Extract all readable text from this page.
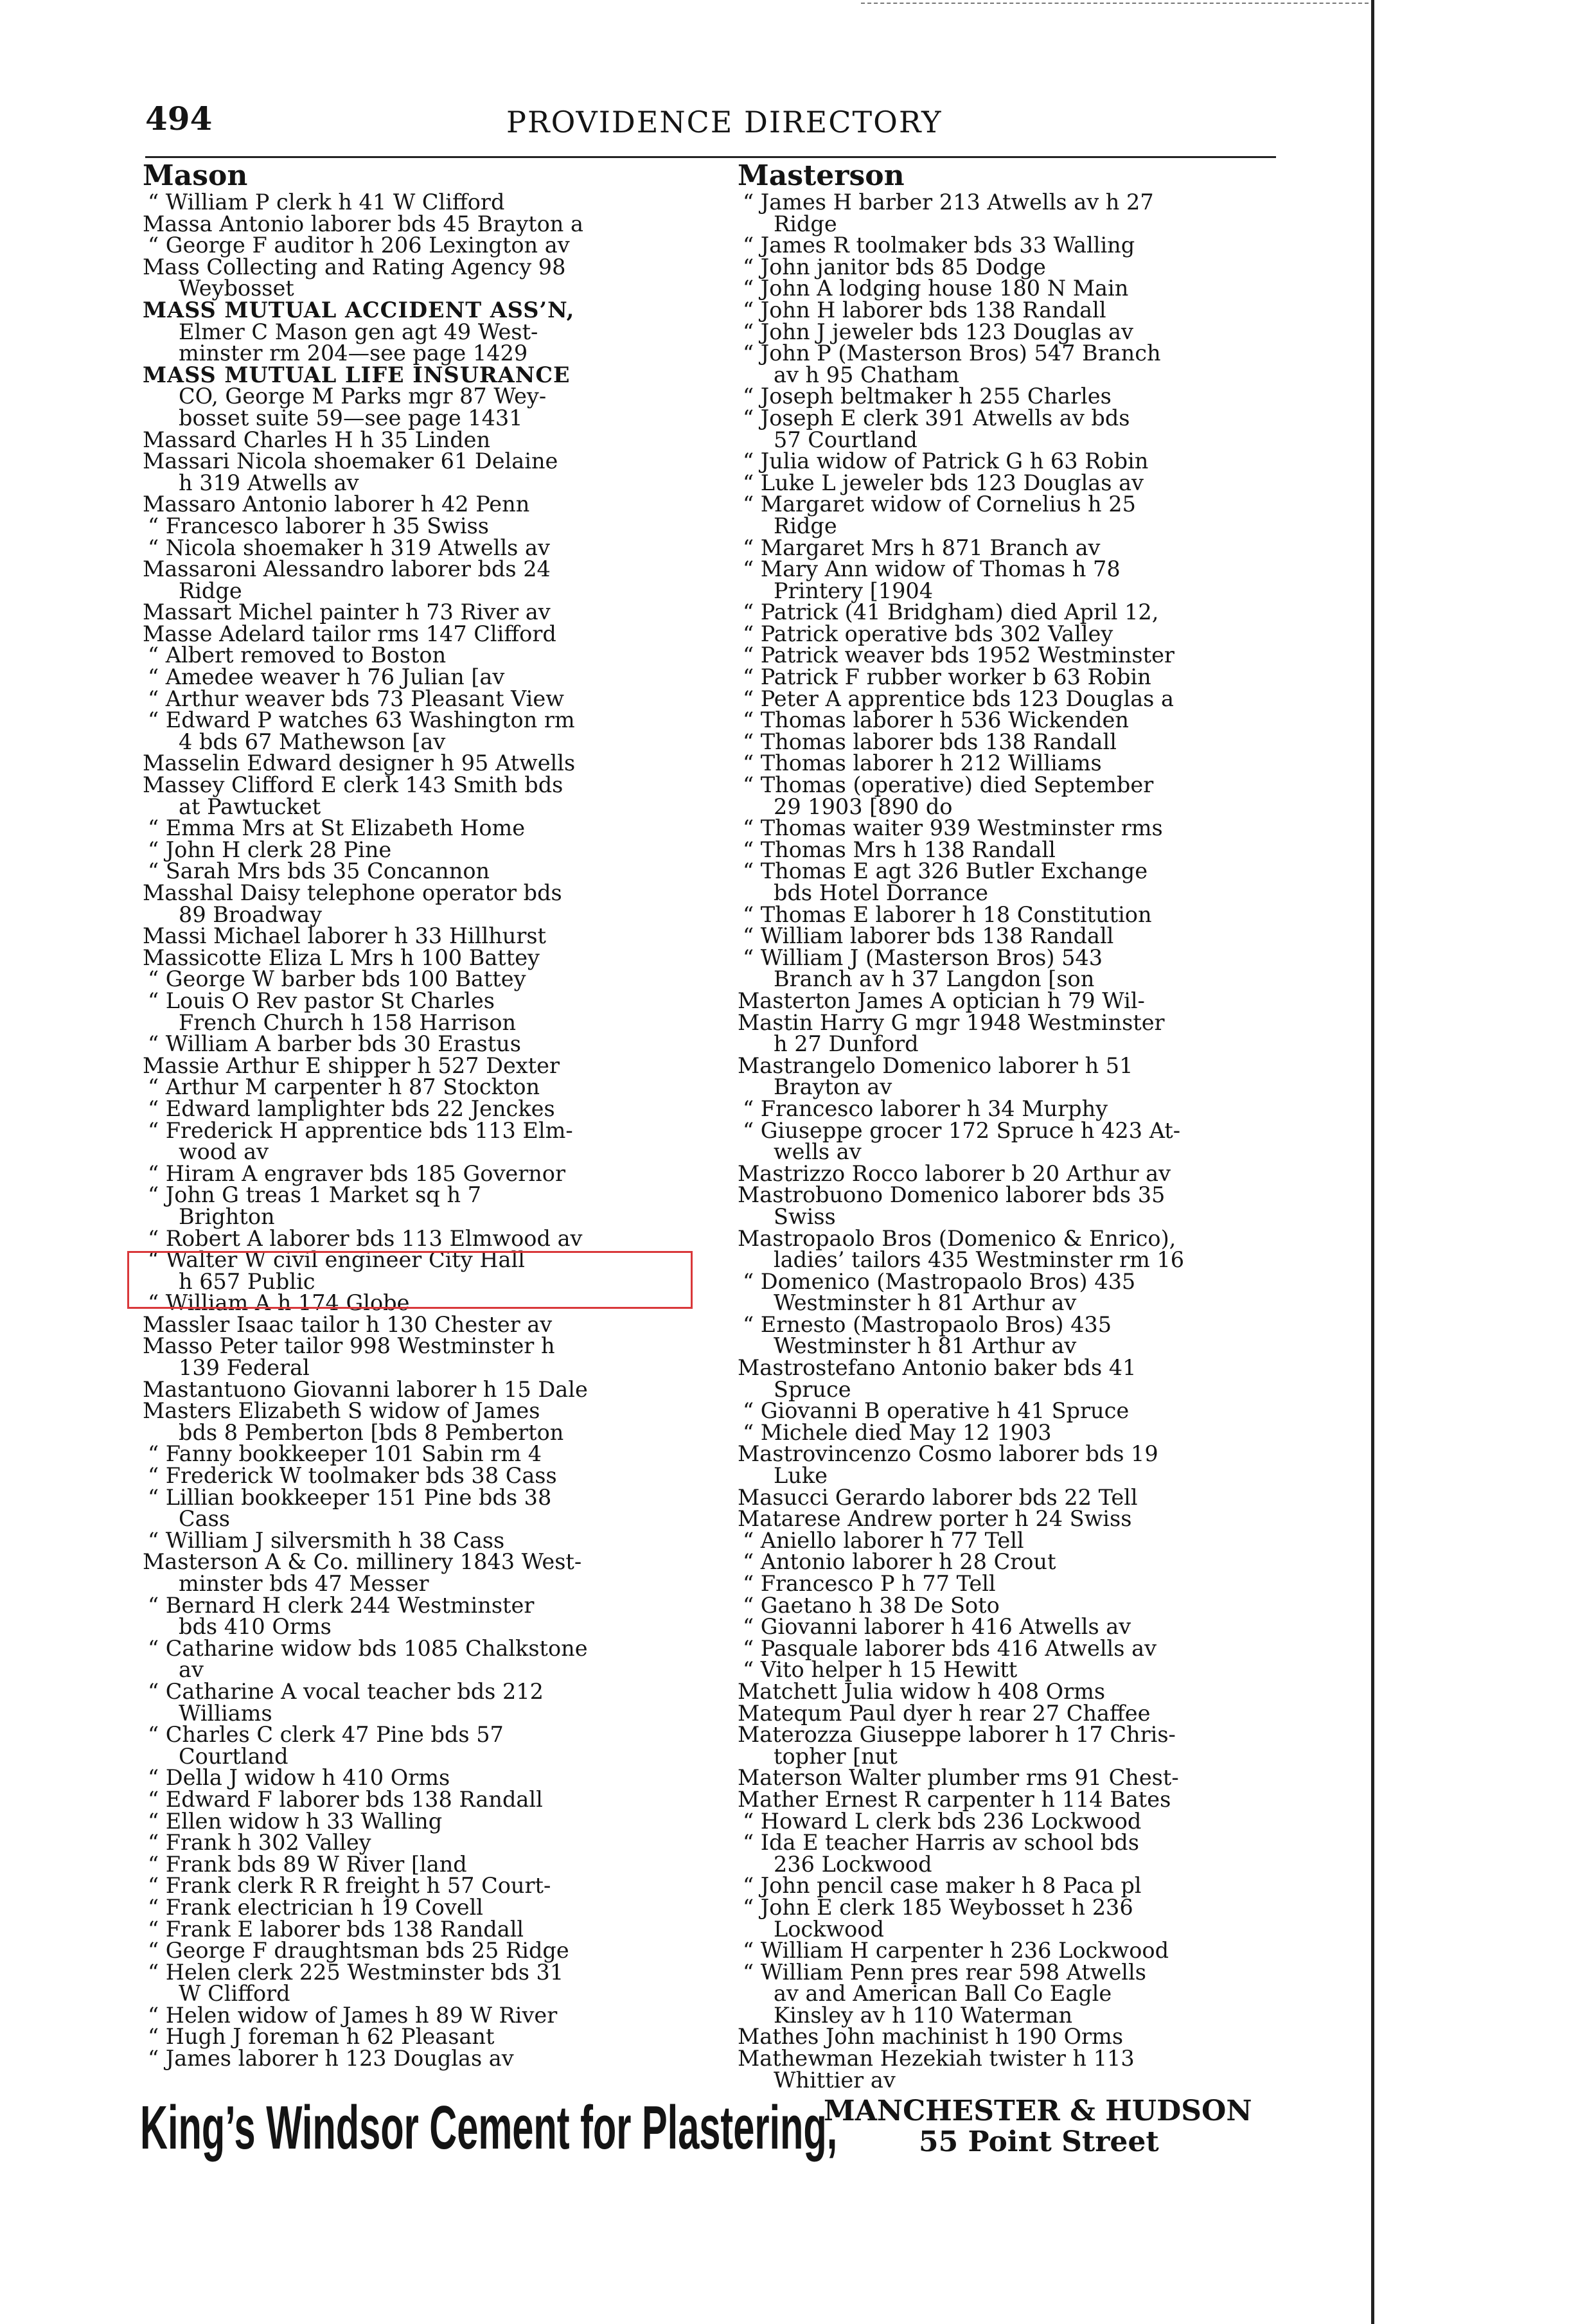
494	PROVIDENCE DIRECTORY
Mason
“ William P clerk h 41 W Clifford
Massa Antonio laborer bds 45 Brayton a
“ George F auditor h 206 Lexington av
Mass Collecting and Rating Agency 98
Weybosset
MASS MUTUAL ACCIDENT ASS’N,
Elmer C Mason gen agt 49 West-
minster rm 204—see page 1429
MASS MUTUAL LIFE INSURANCE
CO, George M Parks mgr 87 Wey-
bosset suite 59—see page 1431
Massard Charles H h 35 Linden
Massari Nicola shoemaker 61 Delaine
h 319 Atwells av
Massaro Antonio laborer h 42 Penn
“ Francesco laborer h 35 Swiss
“ Nicola shoemaker h 319 Atwells av
Massaroni Alessandro laborer bds 24
Ridge
Massart Michel painter h 73 River av
Masse Adelard tailor rms 147 Clifford
“ Albert removed to Boston
“ Amedee weaver h 76 Julian [av
“ Arthur weaver bds 73 Pleasant View
“ Edward P watches 63 Washington rm
4 bds 67 Mathewson [av
Masselin Edward designer h 95 Atwells
Massey Clifford E clerk 143 Smith bds
at Pawtucket
“ Emma Mrs at St Elizabeth Home
“ John H clerk 28 Pine
“ Sarah Mrs bds 35 Concannon
Masshal Daisy telephone operator bds
89 Broadway
Massi Michael laborer h 33 Hillhurst
Massicotte Eliza L Mrs h 100 Battey
“ George W barber bds 100 Battey
“ Louis O Rev pastor St Charles
French Church h 158 Harrison
“ William A barber bds 30 Erastus
Massie Arthur E shipper h 527 Dexter
“ Arthur M carpenter h 87 Stockton
“ Edward lamplighter bds 22 Jenckes
“ Frederick H apprentice bds 113 Elm-
wood av
“ Hiram A engraver bds 185 Governor
“ John G treas 1 Market sq h 7
Brighton
“ Robert A laborer bds 113 Elmwood av
“ Walter W civil engineer City Hall
h 657 Public
“ William A h 174 Globe
Massler Isaac tailor h 130 Chester av
Masso Peter tailor 998 Westminster h
139 Federal
Mastantuono Giovanni laborer h 15 Dale
Masters Elizabeth S widow of James
bds 8 Pemberton [bds 8 Pemberton
“ Fanny bookkeeper 101 Sabin rm 4
“ Frederick W toolmaker bds 38 Cass
“ Lillian bookkeeper 151 Pine bds 38
Cass
“ William J silversmith h 38 Cass
Masterson A & Co. millinery 1843 West-
minster bds 47 Messer
“ Bernard H clerk 244 Westminster
bds 410 Orms
“ Catharine widow bds 1085 Chalkstone
av
“ Catharine A vocal teacher bds 212
Williams
“ Charles C clerk 47 Pine bds 57
Courtland
“ Della J widow h 410 Orms
“ Edward F laborer bds 138 Randall
“ Ellen widow h 33 Walling
“ Frank h 302 Valley
“ Frank bds 89 W River [land
“ Frank clerk R R freight h 57 Court-
“ Frank electrician h 19 Covell
“ Frank E laborer bds 138 Randall
“ George F draughtsman bds 25 Ridge
“ Helen clerk 225 Westminster bds 31
W Clifford
“ Helen widow of James h 89 W River
“ Hugh J foreman h 62 Pleasant
“ James laborer h 123 Douglas av
Masterson
“ James H barber 213 Atwells av h 27
Ridge
“ James R toolmaker bds 33 Walling
“ John janitor bds 85 Dodge
“ John A lodging house 180 N Main
“ John H laborer bds 138 Randall
“ John J jeweler bds 123 Douglas av
“ John P (Masterson Bros) 547 Branch
av h 95 Chatham
“ Joseph beltmaker h 255 Charles
“ Joseph E clerk 391 Atwells av bds
57 Courtland
“ Julia widow of Patrick G h 63 Robin
“ Luke L jeweler bds 123 Douglas av
“ Margaret widow of Cornelius h 25
Ridge
“ Margaret Mrs h 871 Branch av
“ Mary Ann widow of Thomas h 78
Printery [1904
“ Patrick (41 Bridgham) died April 12,
“ Patrick operative bds 302 Valley
“ Patrick weaver bds 1952 Westminster
“ Patrick F rubber worker b 63 Robin
“ Peter A apprentice bds 123 Douglas a
“ Thomas laborer h 536 Wickenden
“ Thomas laborer bds 138 Randall
“ Thomas laborer h 212 Williams
“ Thomas (operative) died September
29 1903 [890 do
“ Thomas waiter 939 Westminster rms
“ Thomas Mrs h 138 Randall
“ Thomas E agt 326 Butler Exchange
bds Hotel Dorrance
“ Thomas E laborer h 18 Constitution
“ William laborer bds 138 Randall
“ William J (Masterson Bros) 543
Branch av h 37 Langdon [son
Masterton James A optician h 79 Wil-
Mastin Harry G mgr 1948 Westminster
h 27 Dunford
Mastrangelo Domenico laborer h 51
Brayton av
“ Francesco laborer h 34 Murphy
“ Giuseppe grocer 172 Spruce h 423 At-
wells av
Mastrizzo Rocco laborer b 20 Arthur av
Mastrobuono Domenico laborer bds 35
Swiss
Mastropaolo Bros (Domenico & Enrico),
ladies’ tailors 435 Westminster rm 16
“ Domenico (Mastropaolo Bros) 435
Westminster h 81 Arthur av
“ Ernesto (Mastropaolo Bros) 435
Westminster h 81 Arthur av
Mastrostefano Antonio baker bds 41
Spruce
“ Giovanni B operative h 41 Spruce
“ Michele died May 12 1903
Mastrovincenzo Cosmo laborer bds 19
Luke
Masucci Gerardo laborer bds 22 Tell
Matarese Andrew porter h 24 Swiss
“ Aniello laborer h 77 Tell
“ Antonio laborer h 28 Crout
“ Francesco P h 77 Tell
“ Gaetano h 38 De Soto
“ Giovanni laborer h 416 Atwells av
“ Pasquale laborer bds 416 Atwells av
“ Vito helper h 15 Hewitt
Matchett Julia widow h 408 Orms
Matequm Paul dyer h rear 27 Chaffee
Materozza Giuseppe laborer h 17 Chris-
topher [nut
Materson Walter plumber rms 91 Chest-
Mather Ernest R carpenter h 114 Bates
“ Howard L clerk bds 236 Lockwood
“ Ida E teacher Harris av school bds
236 Lockwood
“ John pencil case maker h 8 Paca pl
“ John E clerk 185 Weybosset h 236
Lockwood
“ William H carpenter h 236 Lockwood
“ William Penn pres rear 598 Atwells
av and American Ball Co Eagle
Kinsley av h 110 Waterman
Mathes John machinist h 190 Orms
Mathewman Hezekiah twister h 113
Whittier av
King’s Windsor Cement for Plastering,
MANCHESTER & HUDSON
55 Point Street
